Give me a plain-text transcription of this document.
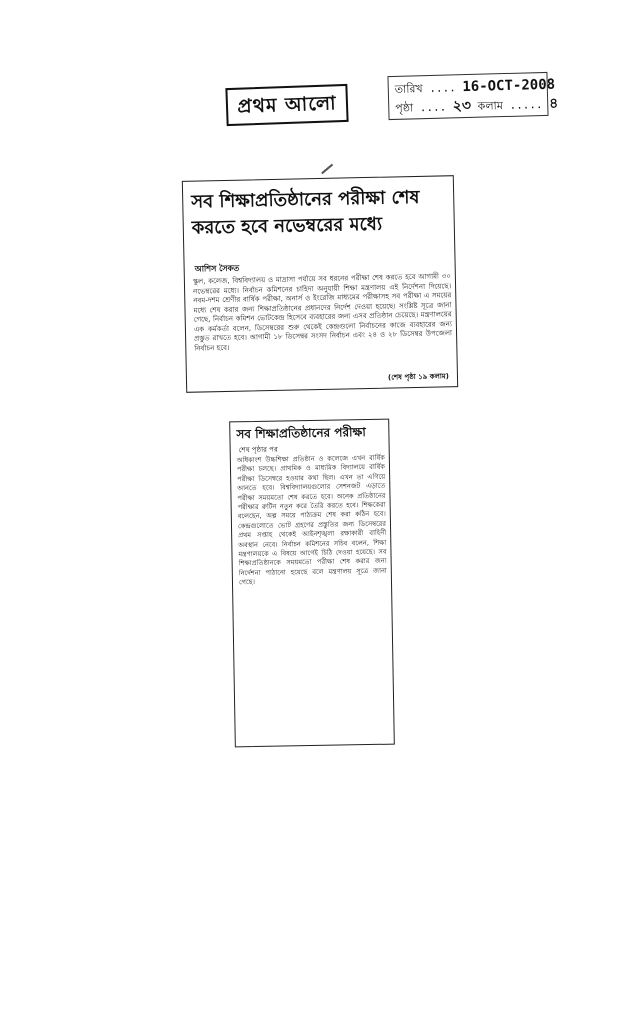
প্রথম আলো
তারিখ .... 16-OCT-2008
পৃষ্ঠা .... ২৩ কলাম ..... ৪
সব শিক্ষাপ্রতিষ্ঠানের পরীক্ষা শেষ
করতে হবে নভেম্বরের মধ্যে
আশিস সৈকত
স্কুল, কলেজ, বিশ্ববিদ্যালয় ও মাদ্রাসা পর্যায়ে সব ধরনের পরীক্ষা শেষ করতে হবে আগামী ৩০ নভেম্বরের মধ্যে। নির্বাচন কমিশনের চাহিদা অনুযায়ী শিক্ষা মন্ত্রণালয় এই নির্দেশনা দিয়েছে। নবম-দশম শ্রেণীর বার্ষিক পরীক্ষা, অনার্স ও ইংরেজি মাধ্যমের পরীক্ষাসহ সব পরীক্ষা এ সময়ের মধ্যে শেষ করার জন্য শিক্ষাপ্রতিষ্ঠানের প্রধানদের নির্দেশ দেওয়া হয়েছে। সংশ্লিষ্ট সূত্রে জানা গেছে, নির্বাচন কমিশন ভোটকেন্দ্র হিসেবে ব্যবহারের জন্য এসব প্রতিষ্ঠান চেয়েছে। মন্ত্রণালয়ের এক কর্মকর্তা বলেন, ডিসেম্বরের শুরু থেকেই কেন্দ্রগুলো নির্বাচনের কাজে ব্যবহারের জন্য প্রস্তুত রাখতে হবে। আগামী ১৮ ডিসেম্বর সংসদ নির্বাচন এবং ২৪ ও ২৮ ডিসেম্বর উপজেলা নির্বাচন হবে।
(শেষ পৃষ্ঠা ১৯ কলাম)
সব শিক্ষাপ্রতিষ্ঠানের পরীক্ষা
শেষ পৃষ্ঠার পর
অধিকাংশ উচ্চশিক্ষা প্রতিষ্ঠান ও কলেজে এখন বার্ষিক পরীক্ষা চলছে। প্রাথমিক ও মাধ্যমিক বিদ্যালয়ে বার্ষিক পরীক্ষা ডিসেম্বরে হওয়ার কথা ছিল। এখন তা এগিয়ে আনতে হবে। বিশ্ববিদ্যালয়গুলোর সেশনজট এড়াতে পরীক্ষা সময়মতো শেষ করতে হবে। অনেক প্রতিষ্ঠানের পরীক্ষার রুটিন নতুন করে তৈরি করতে হবে। শিক্ষকেরা বলেছেন, অল্প সময়ে পাঠ্যক্রম শেষ করা কঠিন হবে। কেন্দ্রগুলোতে ভোট গ্রহণের প্রস্তুতির জন্য ডিসেম্বরের প্রথম সপ্তাহ থেকেই আইনশৃঙ্খলা রক্ষাকারী বাহিনী অবস্থান নেবে। নির্বাচন কমিশনের সচিব বলেন, শিক্ষা মন্ত্রণালয়কে এ বিষয়ে আগেই চিঠি দেওয়া হয়েছে। সব শিক্ষাপ্রতিষ্ঠানকে সময়মতো পরীক্ষা শেষ করার জন্য নির্দেশনা পাঠানো হয়েছে বলে মন্ত্রণালয় সূত্রে জানা গেছে।
